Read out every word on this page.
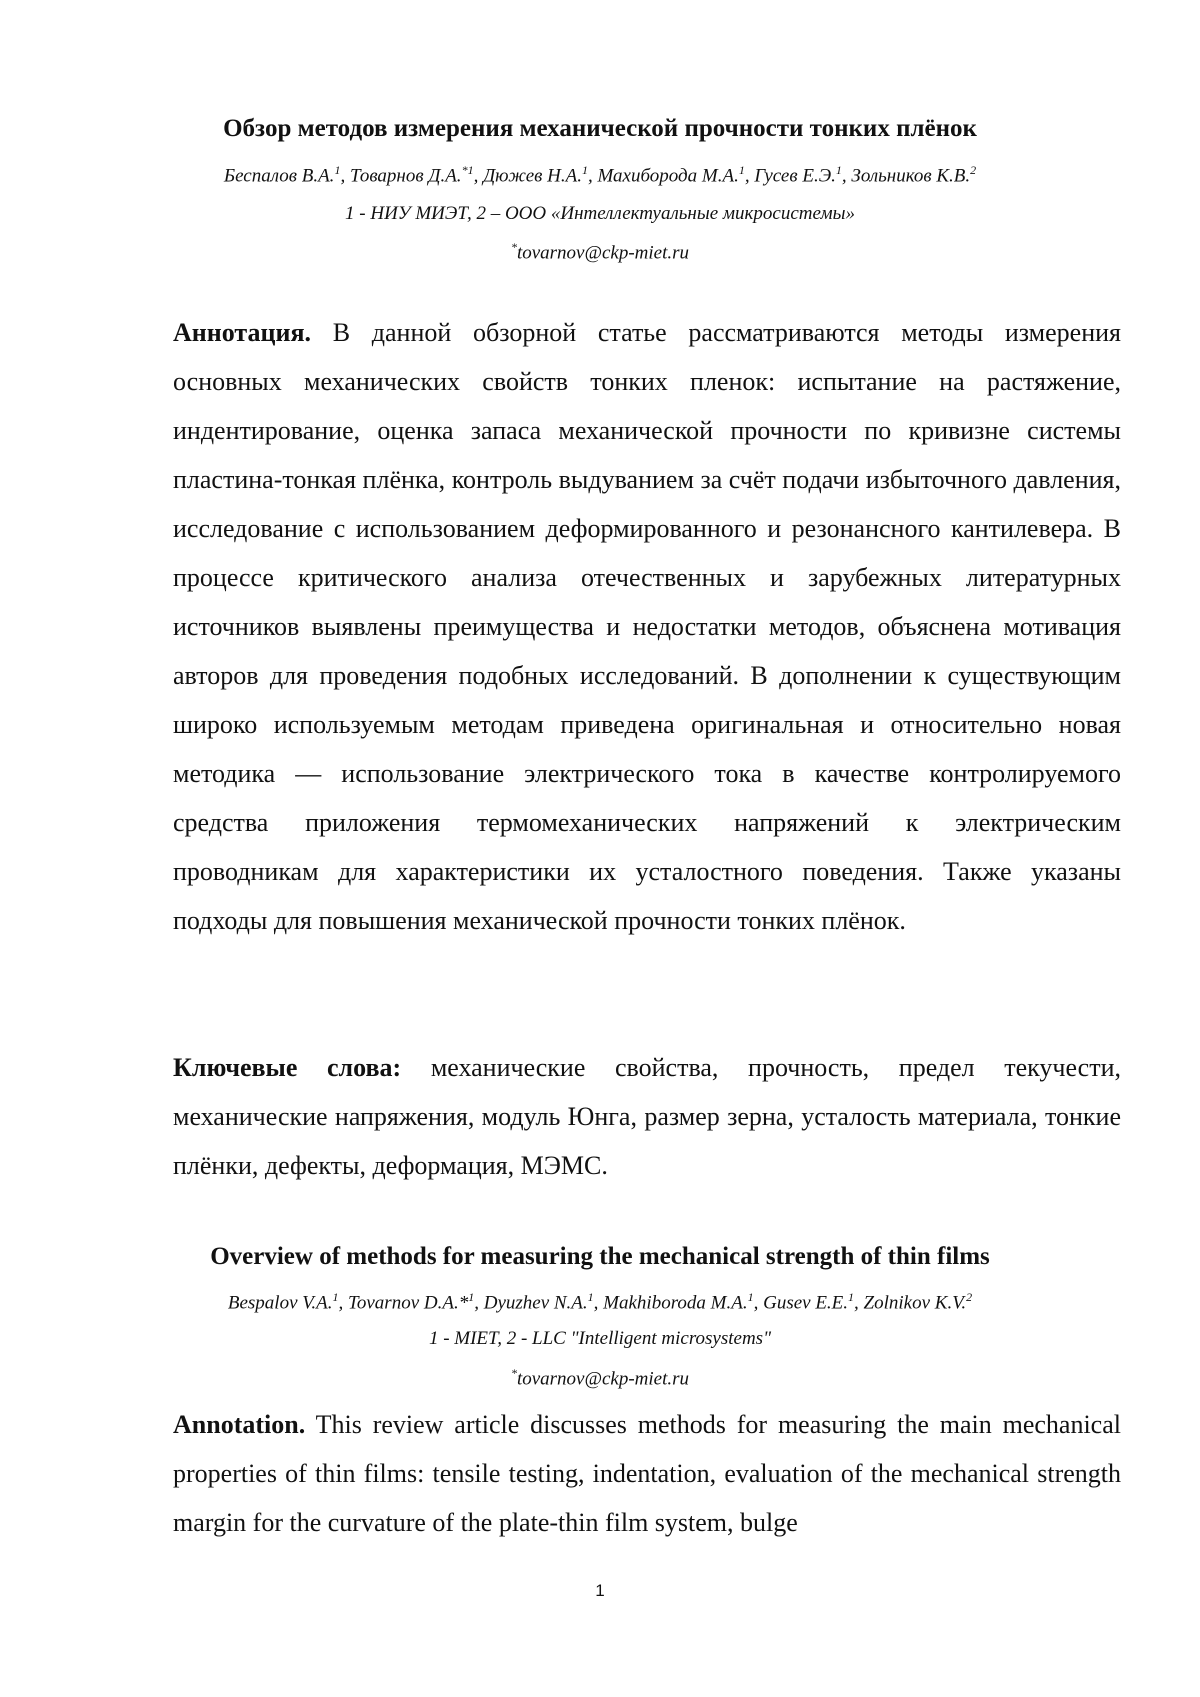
Обзор методов измерения механической прочности тонких плёнок
Беспалов В.А.$^1$, Товарнов Д.А.$^{*1}$, Дюжев Н.А.$^1$, Махиборода М.А.$^1$, Гусев Е.Э.$^1$, Зольников К.В.$^2$
1 - НИУ МИЭТ, 2 – ООО «Интеллектуальные микросистемы»
*tovarnov@ckp-miet.ru

Аннотация. В данной обзорной статье рассматриваются методы измерения основных механических свойств тонких пленок: испытание на растяжение, индентирование, оценка запаса механической прочности по кривизне системы пластина-тонкая плёнка, контроль выдуванием за счёт подачи избыточного давления, исследование с использованием деформированного и резонансного кантилевера. В процессе критического анализа отечественных и зарубежных литературных источников выявлены преимущества и недостатки методов, объяснена мотивация авторов для проведения подобных исследований. В дополнении к существующим широко используемым методам приведена оригинальная и относительно новая методика — использование электрического тока в качестве контролируемого средства приложения термомеханических напряжений к электрическим проводникам для характеристики их усталостного поведения. Также указаны подходы для повышения механической прочности тонких плёнок.

Ключевые слова: механические свойства, прочность, предел текучести, механические напряжения, модуль Юнга, размер зерна, усталость материала, тонкие плёнки, дефекты, деформация, МЭМС.

Overview of methods for measuring the mechanical strength of thin films
Bespalov V.A.$^1$, Tovarnov D.A.*$^1$, Dyuzhev N.A.$^1$, Makhiboroda M.A.$^1$, Gusev E.E.$^1$, Zolnikov K.V.$^2$
1 - MIET, 2 - LLC "Intelligent microsystems"
*tovarnov@ckp-miet.ru

Annotation. This review article discusses methods for measuring the main mechanical properties of thin films: tensile testing, indentation, evaluation of the mechanical strength margin for the curvature of the plate-thin film system, bulge

1
